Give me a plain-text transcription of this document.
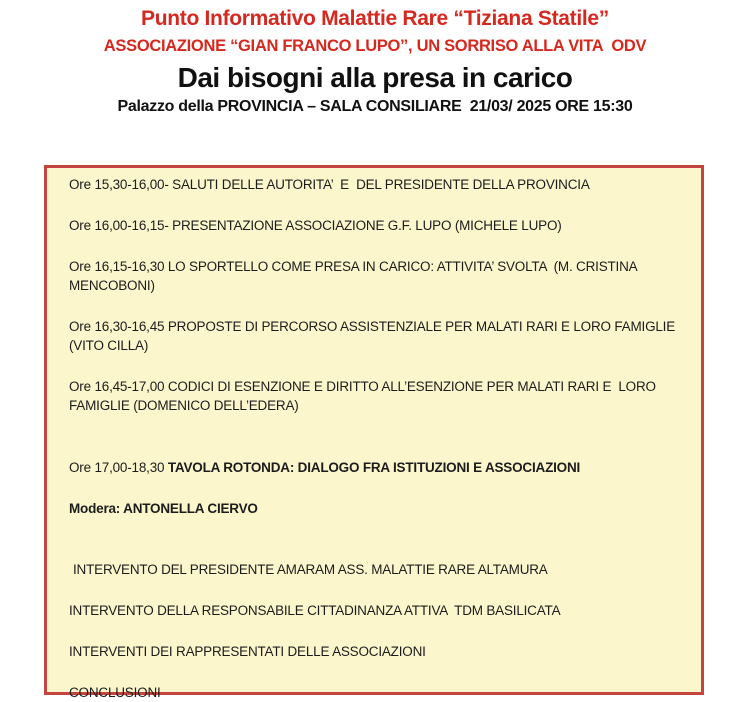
Punto Informativo Malattie Rare “Tiziana Statile”
ASSOCIAZIONE “GIAN FRANCO LUPO”, UN SORRISO ALLA VITA  ODV
Dai bisogni alla presa in carico
Palazzo della PROVINCIA – SALA CONSILIARE  21/03/ 2025 ORE 15:30
Ore 15,30-16,00- SALUTI DELLE AUTORITA’  E  DEL PRESIDENTE DELLA PROVINCIA
Ore 16,00-16,15- PRESENTAZIONE ASSOCIAZIONE G.F. LUPO (MICHELE LUPO)
Ore 16,15-16,30 LO SPORTELLO COME PRESA IN CARICO: ATTIVITA’ SVOLTA  (M. CRISTINA MENCOBONI)
Ore 16,30-16,45 PROPOSTE DI PERCORSO ASSISTENZIALE PER MALATI RARI E LORO FAMIGLIE (VITO CILLA)
Ore 16,45-17,00 CODICI DI ESENZIONE E DIRITTO ALL’ESENZIONE PER MALATI RARI E  LORO FAMIGLIE (DOMENICO DELL’EDERA)
Ore 17,00-18,30 TAVOLA ROTONDA: DIALOGO FRA ISTITUZIONI E ASSOCIAZIONI
Modera: ANTONELLA CIERVO
INTERVENTO DEL PRESIDENTE AMARAM ASS. MALATTIE RARE ALTAMURA
INTERVENTO DELLA RESPONSABILE CITTADINANZA ATTIVA  TDM BASILICATA
INTERVENTI DEI RAPPRESENTATI DELLE ASSOCIAZIONI
CONCLUSIONI
